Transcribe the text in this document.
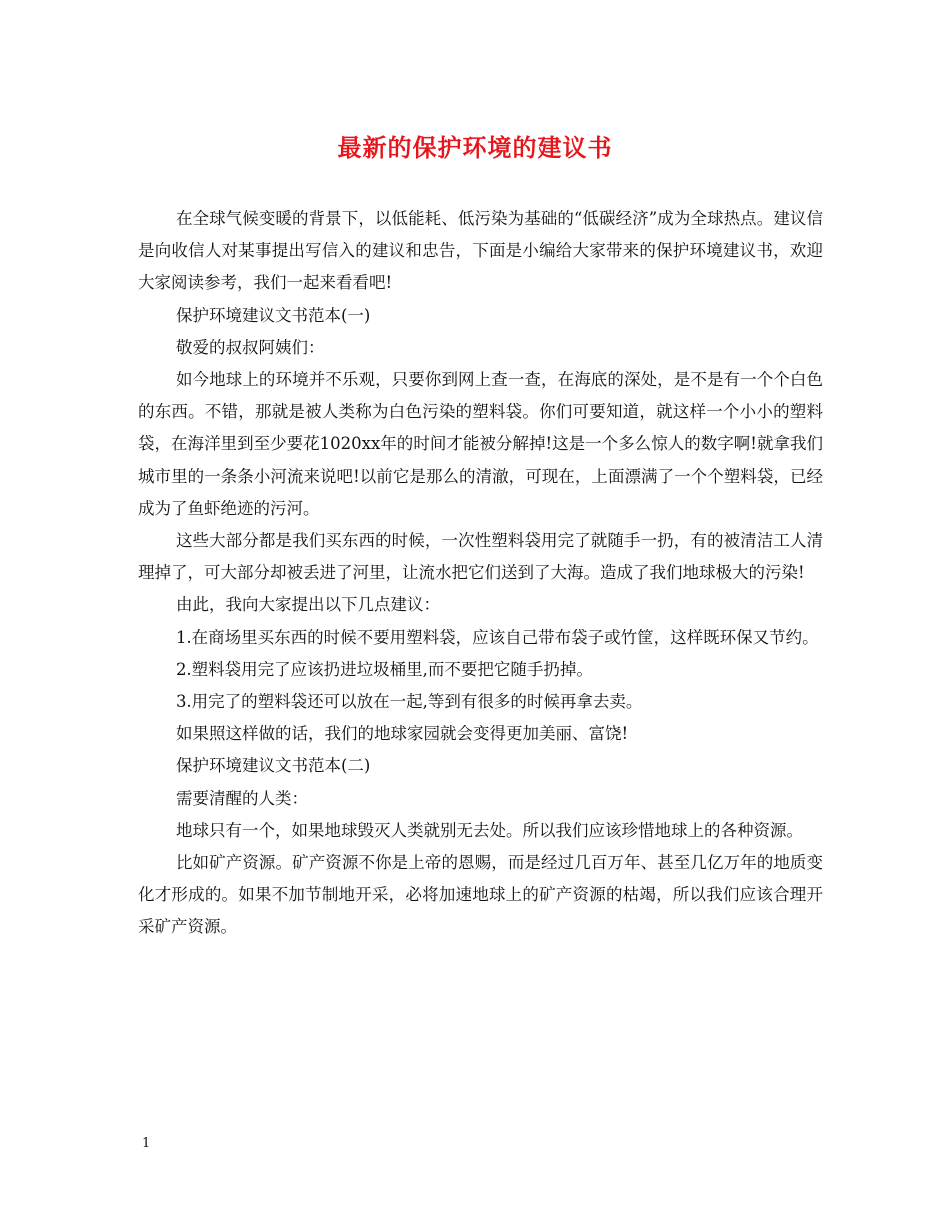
最新的保护环境的建议书

在全球气候变暖的背景下，以低能耗、低污染为基础的“低碳经济”成为全球热点。建议信是向收信人对某事提出写信入的建议和忠告，下面是小编给大家带来的保护环境建议书，欢迎大家阅读参考，我们一起来看看吧!

保护环境建议文书范本(一)

敬爱的叔叔阿姨们：

如今地球上的环境并不乐观，只要你到网上查一查，在海底的深处，是不是有一个个白色的东西。不错，那就是被人类称为白色污染的塑料袋。你们可要知道，就这样一个小小的塑料袋，在海洋里到至少要花1020xx年的时间才能被分解掉!这是一个多么惊人的数字啊!就拿我们城市里的一条条小河流来说吧!以前它是那么的清澈，可现在，上面漂满了一个个塑料袋，已经成为了鱼虾绝迹的污河。

这些大部分都是我们买东西的时候，一次性塑料袋用完了就随手一扔，有的被清洁工人清理掉了，可大部分却被丢进了河里，让流水把它们送到了大海。造成了我们地球极大的污染!

由此，我向大家提出以下几点建议：

1.在商场里买东西的时候不要用塑料袋，应该自己带布袋子或竹筐，这样既环保又节约。

2.塑料袋用完了应该扔进垃圾桶里,而不要把它随手扔掉。

3.用完了的塑料袋还可以放在一起,等到有很多的时候再拿去卖。

如果照这样做的话，我们的地球家园就会变得更加美丽、富饶!

保护环境建议文书范本(二)

需要清醒的人类：

地球只有一个，如果地球毁灭人类就别无去处。所以我们应该珍惜地球上的各种资源。

比如矿产资源。矿产资源不你是上帝的恩赐，而是经过几百万年、甚至几亿万年的地质变化才形成的。如果不加节制地开采，必将加速地球上的矿产资源的枯竭，所以我们应该合理开采矿产资源。

1
